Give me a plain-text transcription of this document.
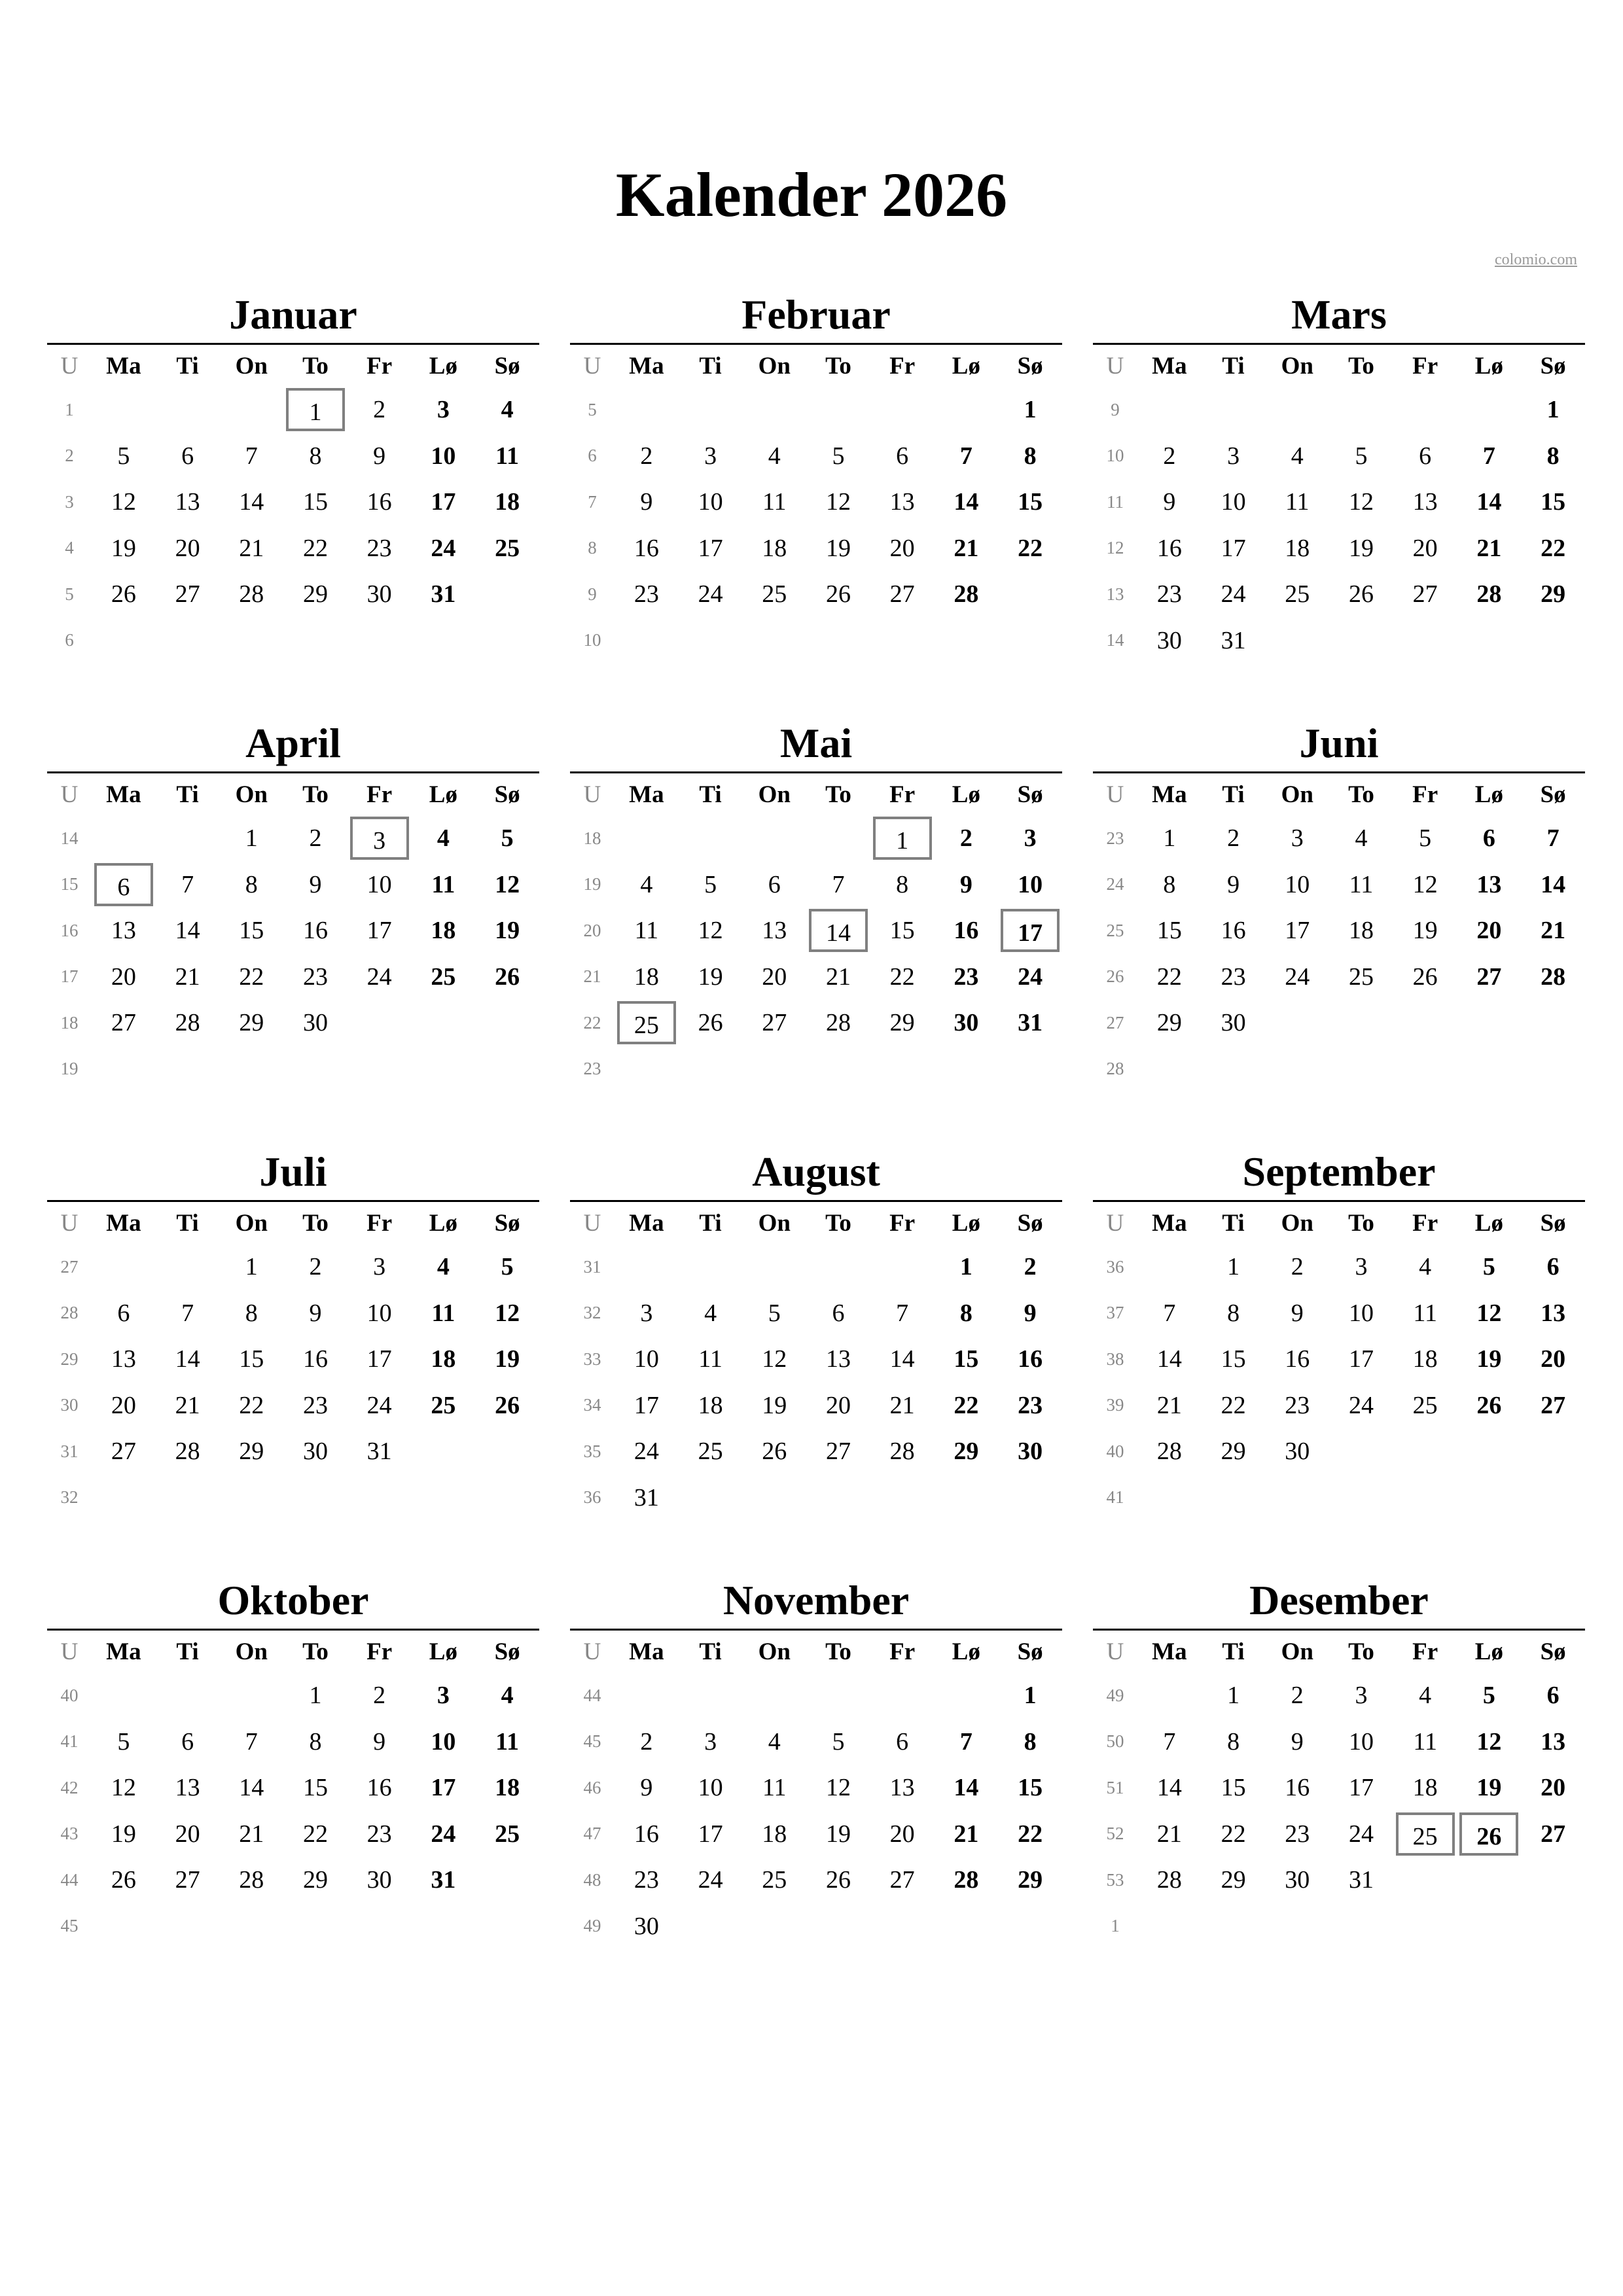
Kalender 2026
colomio.com
Januar
U	Ma	Ti	On	To	Fr	Lø	Sø
1				1	2	3	4
2	5	6	7	8	9	10	11
3	12	13	14	15	16	17	18
4	19	20	21	22	23	24	25
5	26	27	28	29	30	31	
6							
Februar
U	Ma	Ti	On	To	Fr	Lø	Sø
5							1
6	2	3	4	5	6	7	8
7	9	10	11	12	13	14	15
8	16	17	18	19	20	21	22
9	23	24	25	26	27	28	
10							
Mars
U	Ma	Ti	On	To	Fr	Lø	Sø
9							1
10	2	3	4	5	6	7	8
11	9	10	11	12	13	14	15
12	16	17	18	19	20	21	22
13	23	24	25	26	27	28	29
14	30	31					
April
U	Ma	Ti	On	To	Fr	Lø	Sø
14			1	2	3	4	5
15	6	7	8	9	10	11	12
16	13	14	15	16	17	18	19
17	20	21	22	23	24	25	26
18	27	28	29	30			
19							
Mai
U	Ma	Ti	On	To	Fr	Lø	Sø
18					1	2	3
19	4	5	6	7	8	9	10
20	11	12	13	14	15	16	17
21	18	19	20	21	22	23	24
22	25	26	27	28	29	30	31
23							
Juni
U	Ma	Ti	On	To	Fr	Lø	Sø
23	1	2	3	4	5	6	7
24	8	9	10	11	12	13	14
25	15	16	17	18	19	20	21
26	22	23	24	25	26	27	28
27	29	30					
28							
Juli
U	Ma	Ti	On	To	Fr	Lø	Sø
27			1	2	3	4	5
28	6	7	8	9	10	11	12
29	13	14	15	16	17	18	19
30	20	21	22	23	24	25	26
31	27	28	29	30	31		
32							
August
U	Ma	Ti	On	To	Fr	Lø	Sø
31						1	2
32	3	4	5	6	7	8	9
33	10	11	12	13	14	15	16
34	17	18	19	20	21	22	23
35	24	25	26	27	28	29	30
36	31						
September
U	Ma	Ti	On	To	Fr	Lø	Sø
36		1	2	3	4	5	6
37	7	8	9	10	11	12	13
38	14	15	16	17	18	19	20
39	21	22	23	24	25	26	27
40	28	29	30				
41							
Oktober
U	Ma	Ti	On	To	Fr	Lø	Sø
40				1	2	3	4
41	5	6	7	8	9	10	11
42	12	13	14	15	16	17	18
43	19	20	21	22	23	24	25
44	26	27	28	29	30	31	
45							
November
U	Ma	Ti	On	To	Fr	Lø	Sø
44							1
45	2	3	4	5	6	7	8
46	9	10	11	12	13	14	15
47	16	17	18	19	20	21	22
48	23	24	25	26	27	28	29
49	30						
Desember
U	Ma	Ti	On	To	Fr	Lø	Sø
49		1	2	3	4	5	6
50	7	8	9	10	11	12	13
51	14	15	16	17	18	19	20
52	21	22	23	24	25	26	27
53	28	29	30	31			
1							
